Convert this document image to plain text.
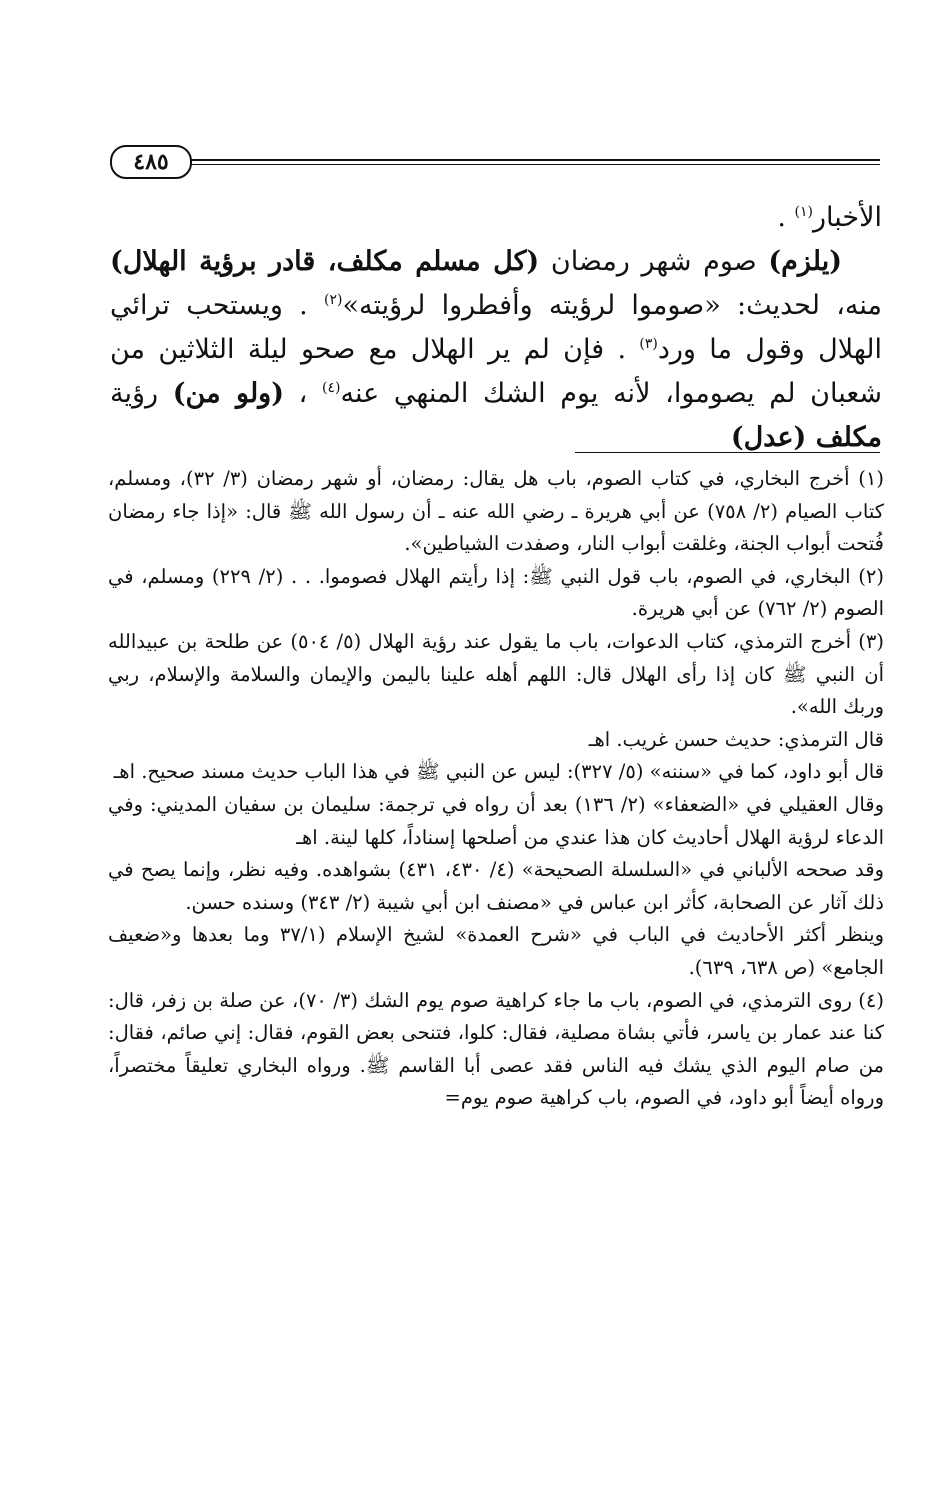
٤٨٥

الأخبار$^{(١)}$ .

(يلزم) صوم شهر رمضان (كل مسلم مكلف، قادر برؤية الهلال) منه، لحديث: «صوموا لرؤيته وأفطروا لرؤيته»$^{(٢)}$ . ويستحب ترائي الهلال وقول ما ورد$^{(٣)}$ . فإن لم ير الهلال مع صحو ليلة الثلاثين من شعبان لم يصوموا، لأنه يوم الشك المنهي عنه$^{(٤)}$ ، (ولو من) رؤية مكلف (عدل)

(١) أخرج البخاري، في كتاب الصوم، باب هل يقال: رمضان، أو شهر رمضان (٣/ ٣٢)، ومسلم، كتاب الصيام (٢/ ٧٥٨) عن أبي هريرة ـ رضي الله عنه ـ أن رسول الله ﷺ قال: «إذا جاء رمضان فُتحت أبواب الجنة، وغلقت أبواب النار، وصفدت الشياطين».

(٢) البخاري، في الصوم، باب قول النبي ﷺ: إذا رأيتم الهلال فصوموا. . . (٢/ ٢٢٩) ومسلم، في الصوم (٢/ ٧٦٢) عن أبي هريرة.

(٣) أخرج الترمذي، كتاب الدعوات، باب ما يقول عند رؤية الهلال (٥/ ٥٠٤) عن طلحة بن عبيدالله أن النبي ﷺ كان إذا رأى الهلال قال: اللهم أهله علينا باليمن والإيمان والسلامة والإسلام، ربي وربك الله».

قال الترمذي: حديث حسن غريب. اهـ

قال أبو داود، كما في «سننه» (٥/ ٣٢٧): ليس عن النبي ﷺ في هذا الباب حديث مسند صحيح. اهـ

وقال العقيلي في «الضعفاء» (٢/ ١٣٦) بعد أن رواه في ترجمة: سليمان بن سفيان المديني: وفي الدعاء لرؤية الهلال أحاديث كان هذا عندي من أصلحها إسناداً، كلها لينة. اهـ

وقد صححه الألباني في «السلسلة الصحيحة» (٤/ ٤٣٠، ٤٣١) بشواهده. وفيه نظر، وإنما يصح في ذلك آثار عن الصحابة، كأثر ابن عباس في «مصنف ابن أبي شيبة (٢/ ٣٤٣) وسنده حسن.

وينظر أكثر الأحاديث في الباب في «شرح العمدة» لشيخ الإسلام (٣٧/١ وما بعدها و«ضعيف الجامع» (ص ٦٣٨، ٦٣٩).

(٤) روى الترمذي، في الصوم، باب ما جاء كراهية صوم يوم الشك (٣/ ٧٠)، عن صلة بن زفر، قال: كنا عند عمار بن ياسر، فأتي بشاة مصلية، فقال: كلوا، فتنحى بعض القوم، فقال: إني صائم، فقال: من صام اليوم الذي يشك فيه الناس فقد عصى أبا القاسم ﷺ. ورواه البخاري تعليقاً مختصراً، ورواه أيضاً أبو داود، في الصوم، باب كراهية صوم يوم=
